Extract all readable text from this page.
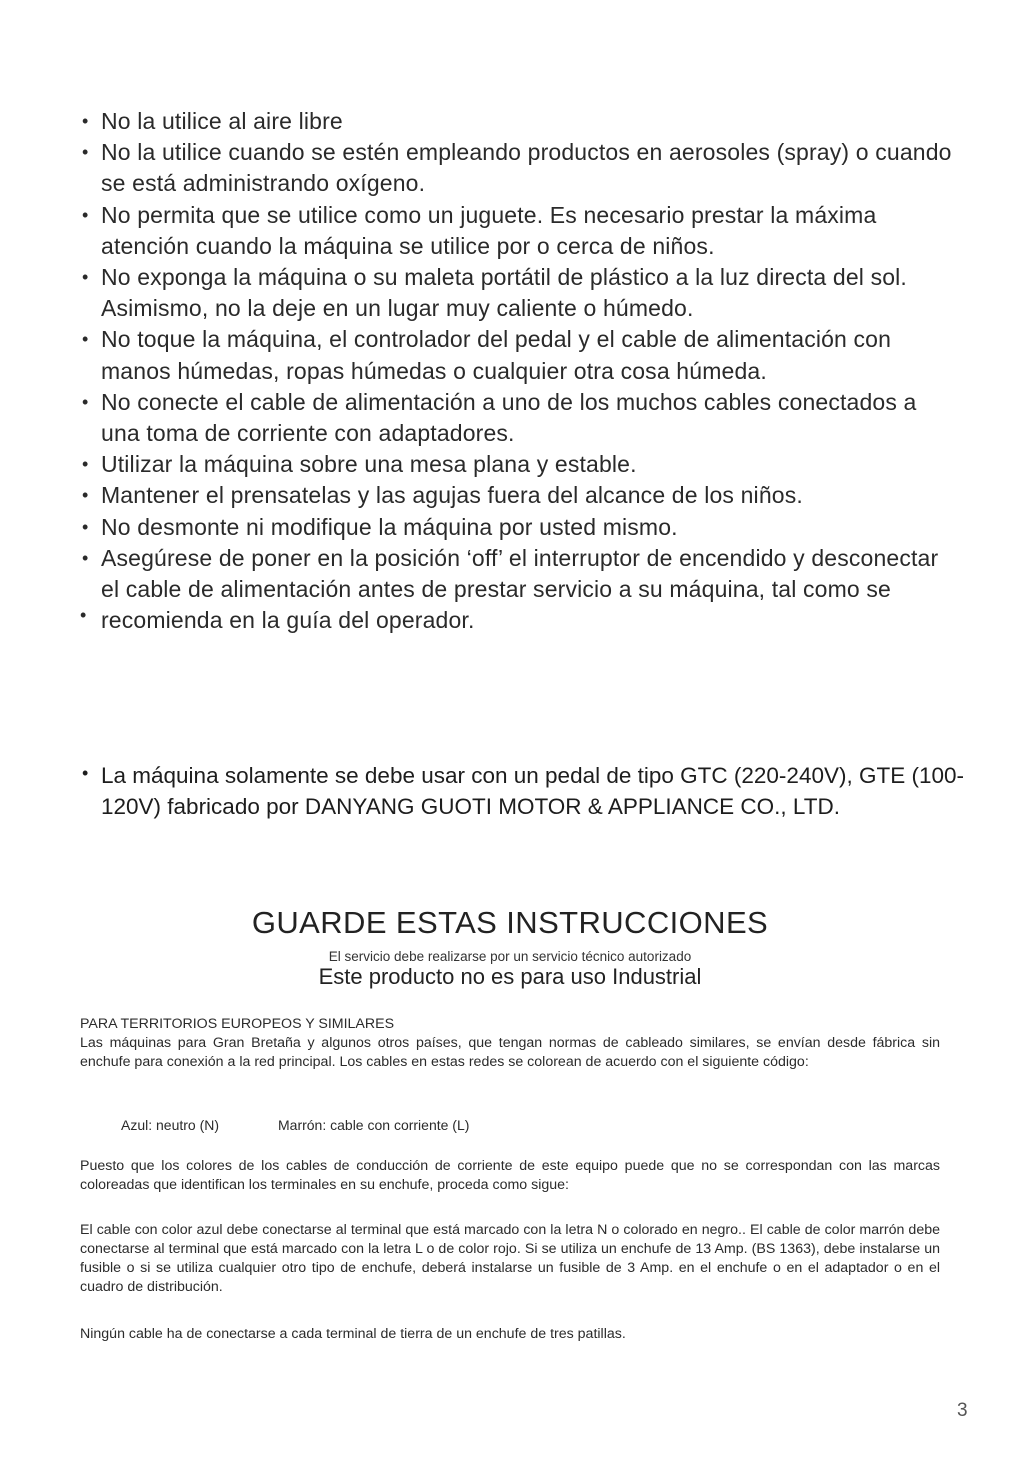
• No la utilice al aire libre
• No la utilice cuando se estén empleando productos en aerosoles (spray) o cuando se está administrando oxígeno.
• No permita que se utilice como un juguete. Es necesario prestar la máxima atención cuando la máquina se utilice por o cerca de niños.
• No exponga la máquina o su maleta portátil de plástico a la luz directa del sol. Asimismo, no la deje en un lugar muy caliente o húmedo.
• No toque la máquina, el controlador del pedal y el cable de alimentación con manos húmedas, ropas húmedas o cualquier otra cosa húmeda.
• No conecte el cable de alimentación a uno de los muchos cables conectados a una toma de corriente con adaptadores.
• Utilizar la máquina sobre una mesa plana y estable.
• Mantener el prensatelas y las agujas fuera del alcance de los niños.
• No desmonte ni modifique la máquina por usted mismo.
• Asegúrese de poner en la posición ‘off’ el interruptor de encendido y desconectar el cable de alimentación antes de prestar servicio a su máquina, tal como se recomienda en la guía del operador.
•
• La máquina solamente se debe usar con un pedal de tipo GTC (220-240V), GTE (100-120V) fabricado por DANYANG GUOTI MOTOR & APPLIANCE CO., LTD.
GUARDE ESTAS INSTRUCCIONES
El servicio debe realizarse por un servicio técnico autorizado
Este producto no es para uso Industrial

PARA TERRITORIOS EUROPEOS Y SIMILARES

Las máquinas para Gran Bretaña y algunos otros países, que tengan normas de cableado similares, se envían desde fábrica sin enchufe para conexión a la red principal. Los cables en estas redes se colorean de acuerdo con el siguiente código:

Azul: neutro (N)	Marrón: cable con corriente (L)

Puesto que los colores de los cables de conducción de corriente de este equipo puede que no se correspondan con las marcas coloreadas que identifican los terminales en su enchufe, proceda como sigue:

El cable con color azul debe conectarse al terminal que está marcado con la letra N o colorado en negro.. El cable de color marrón debe conectarse al terminal que está marcado con la letra L o de color rojo. Si se utiliza un enchufe de 13 Amp. (BS 1363), debe instalarse un fusible o si se utiliza cualquier otro tipo de enchufe, deberá instalarse un fusible de 3 Amp. en el enchufe o en el adaptador o en el cuadro de distribución.

Ningún cable ha de conectarse a cada terminal de tierra de un enchufe de tres patillas.

3
